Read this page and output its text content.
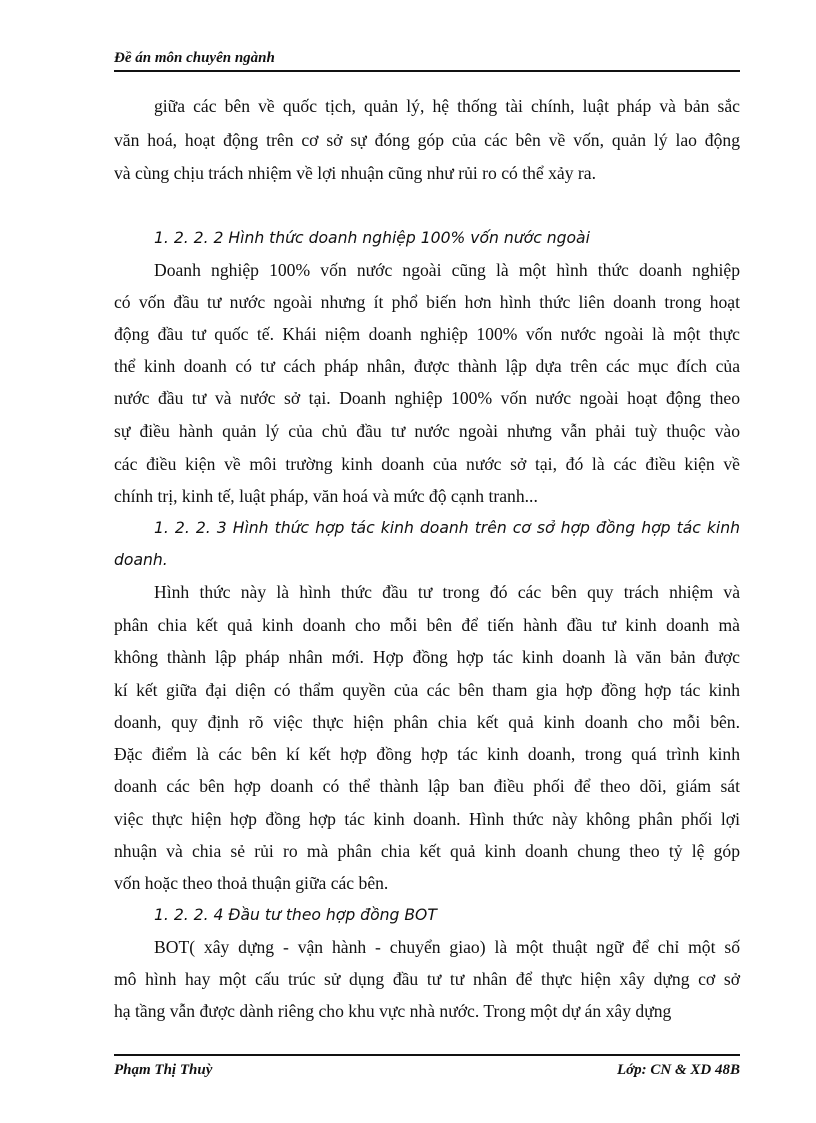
Đề án môn chuyên ngành
giữa các bên về quốc tịch, quản lý, hệ thống tài chính, luật pháp và bản sắc
văn hoá, hoạt động trên cơ sở sự đóng góp của các bên về vốn, quản lý lao động
và cùng chịu trách nhiệm về lợi nhuận cũng như rủi ro có thể xảy ra.
1. 2. 2. 2 Hình thức doanh nghiệp 100% vốn nước ngoài
Doanh nghiệp 100% vốn nước ngoài cũng là một hình thức doanh nghiệp
có vốn đầu tư nước ngoài nhưng ít phổ biến hơn hình thức liên doanh trong hoạt
động đầu tư quốc tế. Khái niệm doanh nghiệp 100% vốn nước ngoài là một thực
thể kinh doanh có tư cách pháp nhân, được thành lập dựa trên các mục đích của
nước đầu tư và nước sở tại. Doanh nghiệp 100% vốn nước ngoài hoạt động theo
sự điều hành quản lý của chủ đầu tư nước ngoài nhưng vẫn phải tuỳ thuộc vào
các điều kiện về môi trường kinh doanh của nước sở tại, đó là các điều kiện về
chính trị, kinh tế, luật pháp, văn hoá và mức độ cạnh tranh...
1. 2. 2. 3 Hình thức hợp tác kinh doanh trên cơ sở hợp đồng hợp tác kinh
doanh.
Hình thức này là hình thức đầu tư trong đó các bên quy trách nhiệm và
phân chia kết quả kinh doanh cho mỗi bên để tiến hành đầu tư kinh doanh mà
không thành lập pháp nhân mới. Hợp đồng hợp tác kinh doanh là văn bản được
kí kết giữa đại diện có thẩm quyền của các bên tham gia hợp đồng hợp tác kinh
doanh, quy định rõ việc thực hiện phân chia kết quả kinh doanh cho mỗi bên.
Đặc điểm là các bên kí kết hợp đồng hợp tác kinh doanh, trong quá trình kinh
doanh các bên hợp doanh có thể thành lập ban điều phối để theo dõi, giám sát
việc thực hiện hợp đồng hợp tác kinh doanh. Hình thức này không phân phối lợi
nhuận và chia sẻ rủi ro mà phân chia kết quả kinh doanh chung theo tỷ lệ góp
vốn hoặc theo thoả thuận giữa các bên.
1. 2. 2. 4 Đầu tư theo hợp đồng BOT
BOT( xây dựng - vận hành - chuyển giao) là một thuật ngữ để chỉ một số
mô hình hay một cấu trúc sử dụng đầu tư tư nhân để thực hiện xây dựng cơ sở
hạ tầng vẫn được dành riêng cho khu vực nhà nước. Trong một dự án xây dựng
Phạm Thị Thuỳ	Lớp: CN & XD 48B
